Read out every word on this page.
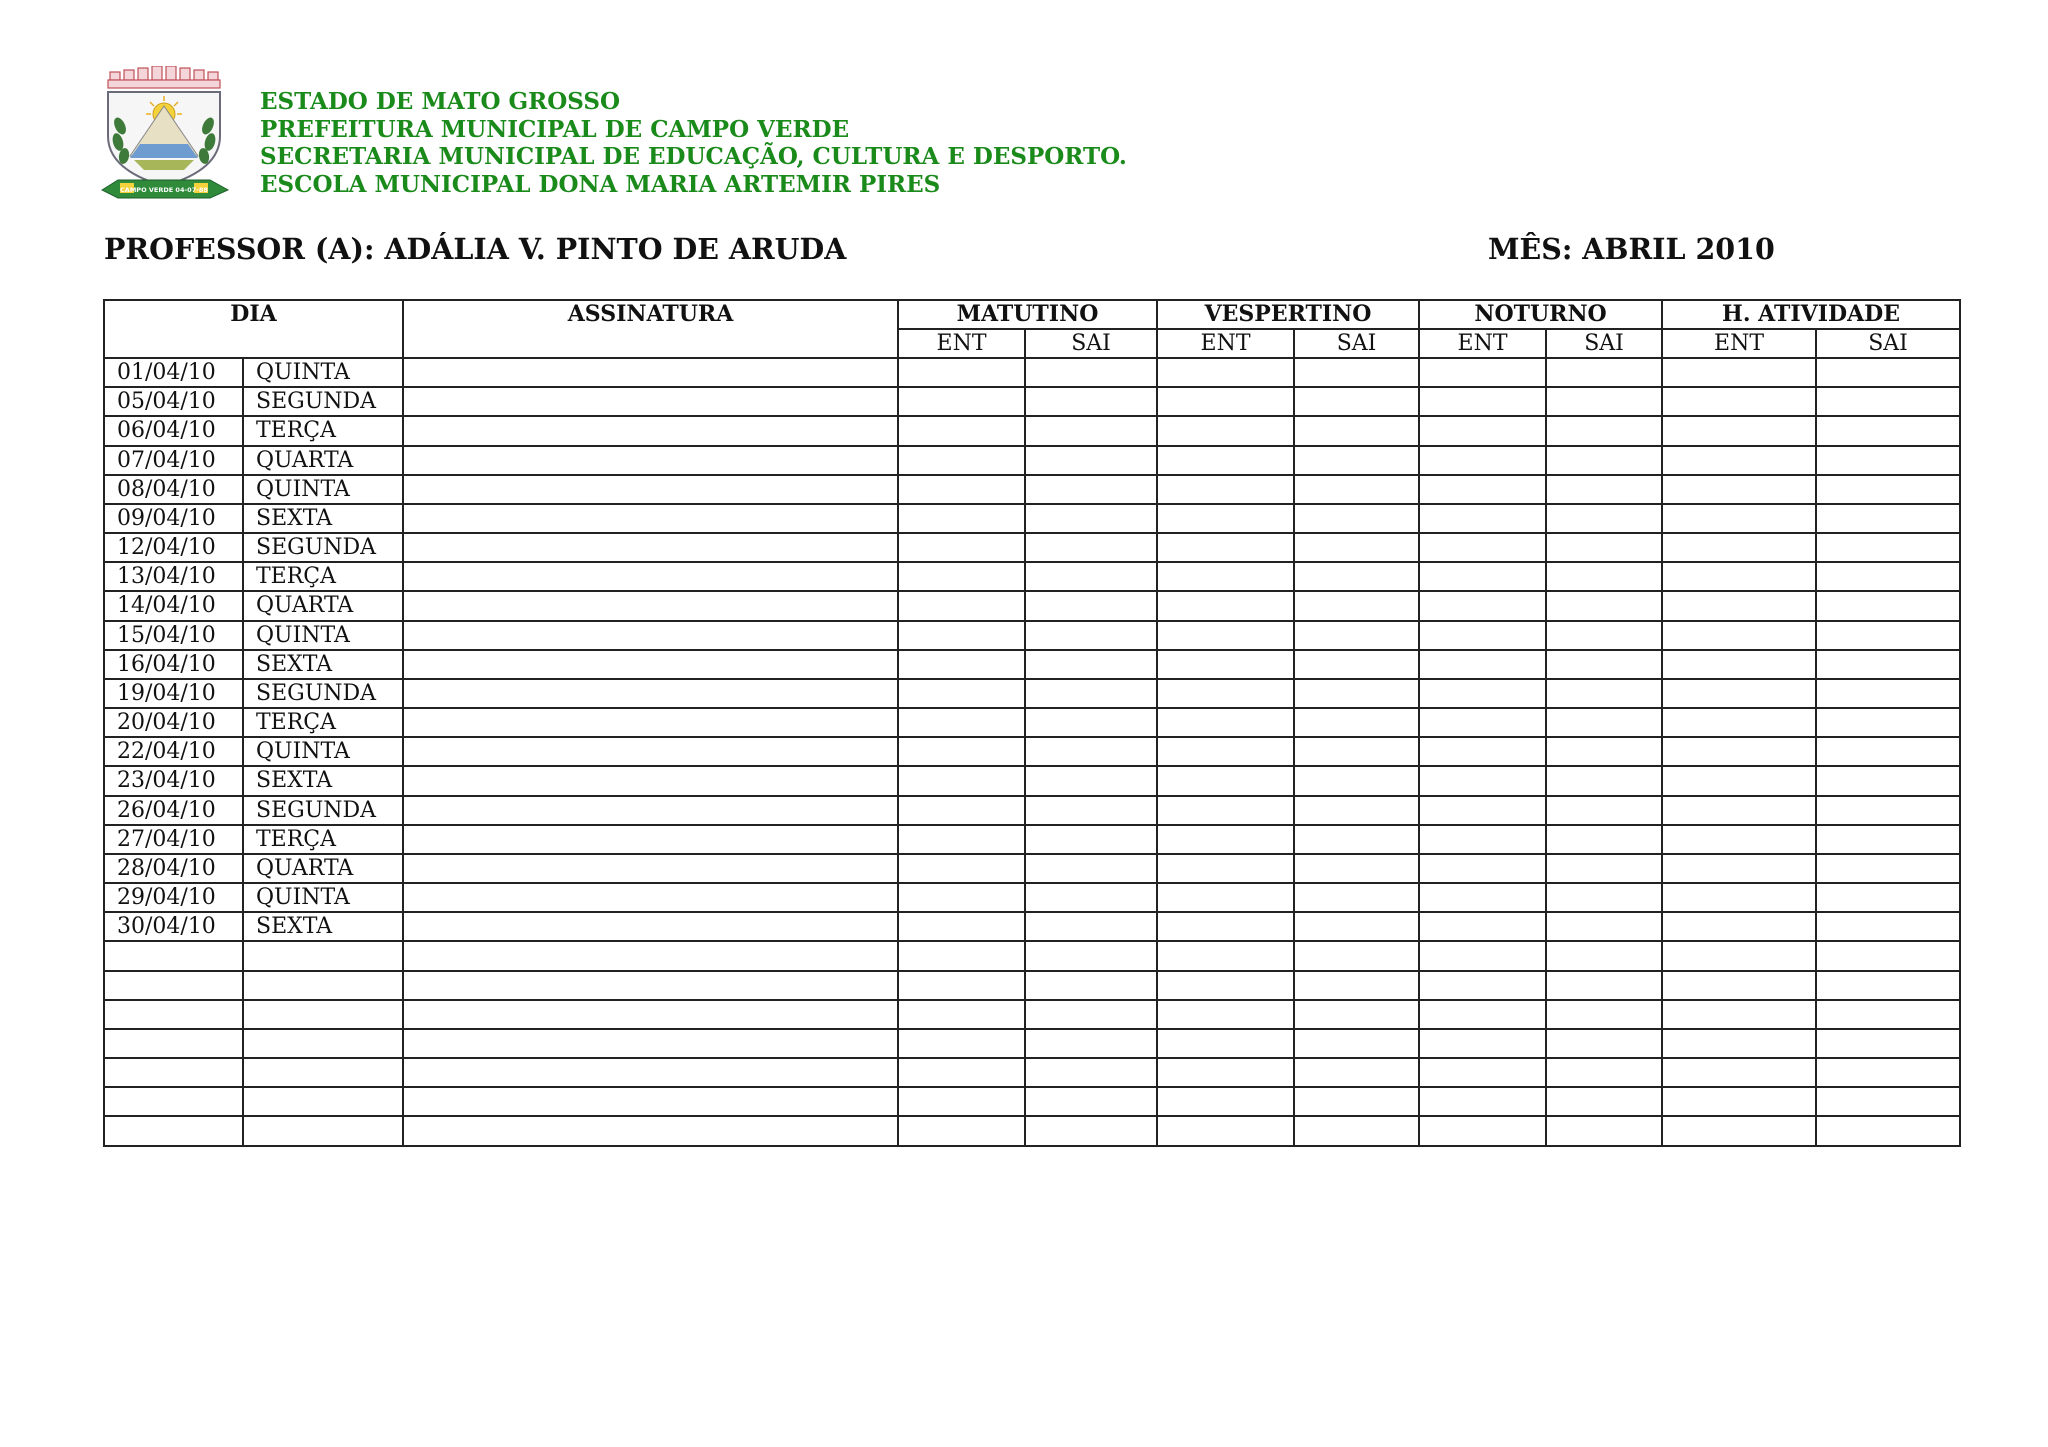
CAMPO VERDE 04-07-88
ESTADO DE MATO GROSSO
PREFEITURA MUNICIPAL DE CAMPO VERDE
SECRETARIA MUNICIPAL DE EDUCAÇÃO, CULTURA E DESPORTO.
ESCOLA MUNICIPAL DONA MARIA ARTEMIR PIRES
PROFESSOR (A): ADÁLIA V. PINTO DE ARUDA	MÊS: ABRIL 2010
DIA		ASSINATURA	MATUTINO		VESPERTINO		NOTURNO		H. ATIVIDADE	
			ENT	SAI	ENT	SAI	ENT	SAI	ENT	SAI
01/04/10	QUINTA									
05/04/10	SEGUNDA									
06/04/10	TERÇA									
07/04/10	QUARTA									
08/04/10	QUINTA									
09/04/10	SEXTA									
12/04/10	SEGUNDA									
13/04/10	TERÇA									
14/04/10	QUARTA									
15/04/10	QUINTA									
16/04/10	SEXTA									
19/04/10	SEGUNDA									
20/04/10	TERÇA									
22/04/10	QUINTA									
23/04/10	SEXTA									
26/04/10	SEGUNDA									
27/04/10	TERÇA									
28/04/10	QUARTA									
29/04/10	QUINTA									
30/04/10	SEXTA									
